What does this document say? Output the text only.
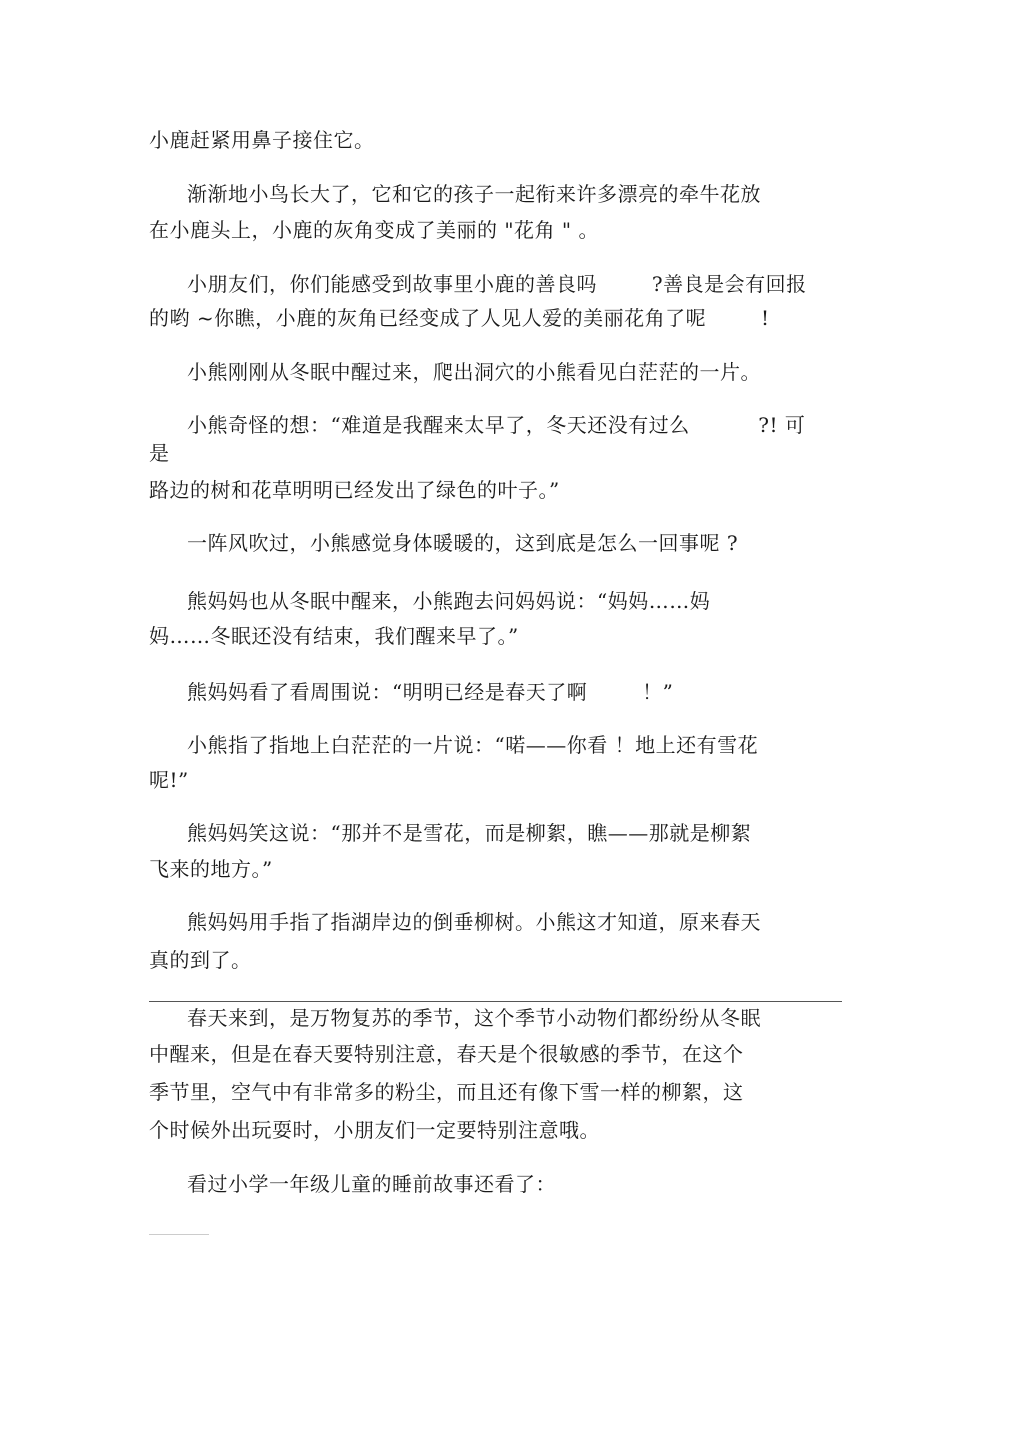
小鹿赶紧用鼻子接住它。
渐渐地小鸟长大了，它和它的孩子一起衔来许多漂亮的牵牛花放
在小鹿头上，小鹿的灰角变成了美丽的 "花角 " 。
小朋友们，你们能感受到故事里小鹿的善良吗        ?善良是会有回报
的哟 ~你瞧，小鹿的灰角已经变成了人见人爱的美丽花角了呢        !
小熊刚刚从冬眠中醒过来，爬出洞穴的小熊看见白茫茫的一片。
小熊奇怪的想：“难道是我醒来太早了，冬天还没有过么          ?! 可
是
路边的树和花草明明已经发出了绿色的叶子。”
一阵风吹过，小熊感觉身体暖暖的，这到底是怎么一回事呢 ?
熊妈妈也从冬眠中醒来，小熊跑去问妈妈说：“妈妈……妈
妈……冬眠还没有结束，我们醒来早了。”
熊妈妈看了看周围说：“明明已经是春天了啊        ！”
小熊指了指地上白茫茫的一片说：“喏——你看 ！地上还有雪花
呢!”
熊妈妈笑这说：“那并不是雪花，而是柳絮，瞧——那就是柳絮
飞来的地方。”
熊妈妈用手指了指湖岸边的倒垂柳树。小熊这才知道，原来春天
真的到了。
春天来到，是万物复苏的季节，这个季节小动物们都纷纷从冬眠
中醒来，但是在春天要特别注意，春天是个很敏感的季节，在这个
季节里，空气中有非常多的粉尘，而且还有像下雪一样的柳絮，这
个时候外出玩耍时，小朋友们一定要特别注意哦。
看过小学一年级儿童的睡前故事还看了：
